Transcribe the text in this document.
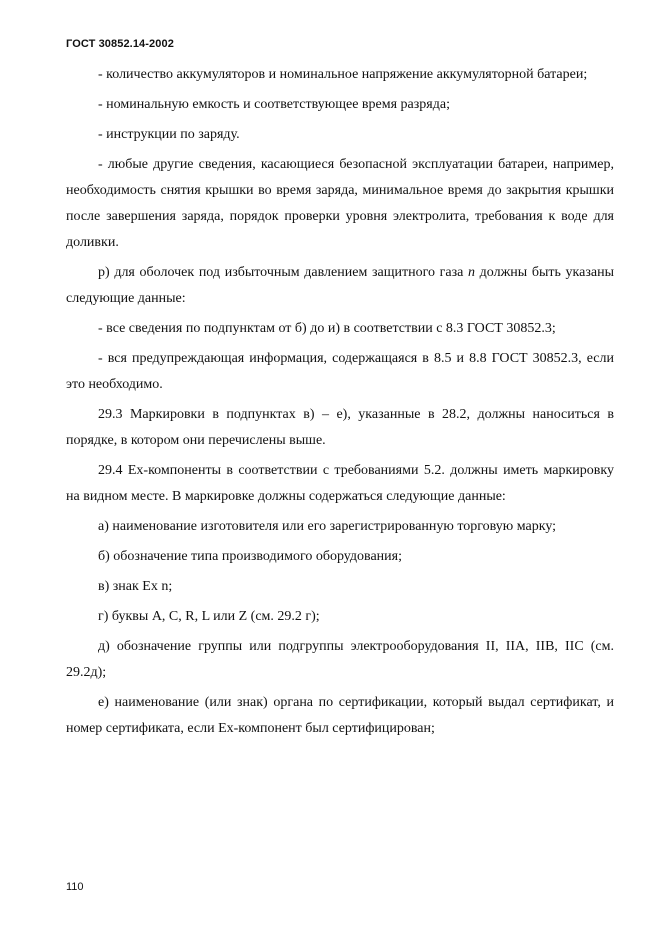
ГОСТ 30852.14-2002

- количество аккумуляторов и номинальное напряжение аккумуляторной батареи;

- номинальную емкость и соответствующее время разряда;

- инструкции по заряду.

- любые другие сведения, касающиеся безопасной эксплуатации батареи, например, необходимость снятия крышки во время заряда, минимальное время до закрытия крышки после завершения заряда, порядок проверки уровня электролита, требования к воде для доливки.

р) для оболочек под избыточным давлением защитного газа n должны быть указаны следующие данные:

- все сведения по подпунктам от б) до и) в соответствии с 8.3 ГОСТ 30852.3;

- вся предупреждающая информация, содержащаяся в 8.5 и 8.8 ГОСТ 30852.3, если это необходимо.

29.3 Маркировки в подпунктах в) – е), указанные в 28.2, должны наноситься в порядке, в котором они перечислены выше.

29.4 Ex-компоненты в соответствии с требованиями 5.2. должны иметь маркировку на видном месте. В маркировке должны содержаться следующие данные:

а) наименование изготовителя или его зарегистрированную торговую марку;

б) обозначение типа производимого оборудования;

в) знак Ex n;

г) буквы A, C, R, L или Z (см. 29.2 г);

д) обозначение группы или подгруппы электрооборудования II, IIA, IIB, IIC (см. 29.2д);

е) наименование (или знак) органа по сертификации, который выдал сертификат, и номер сертификата, если Ex-компонент был сертифицирован;

110
